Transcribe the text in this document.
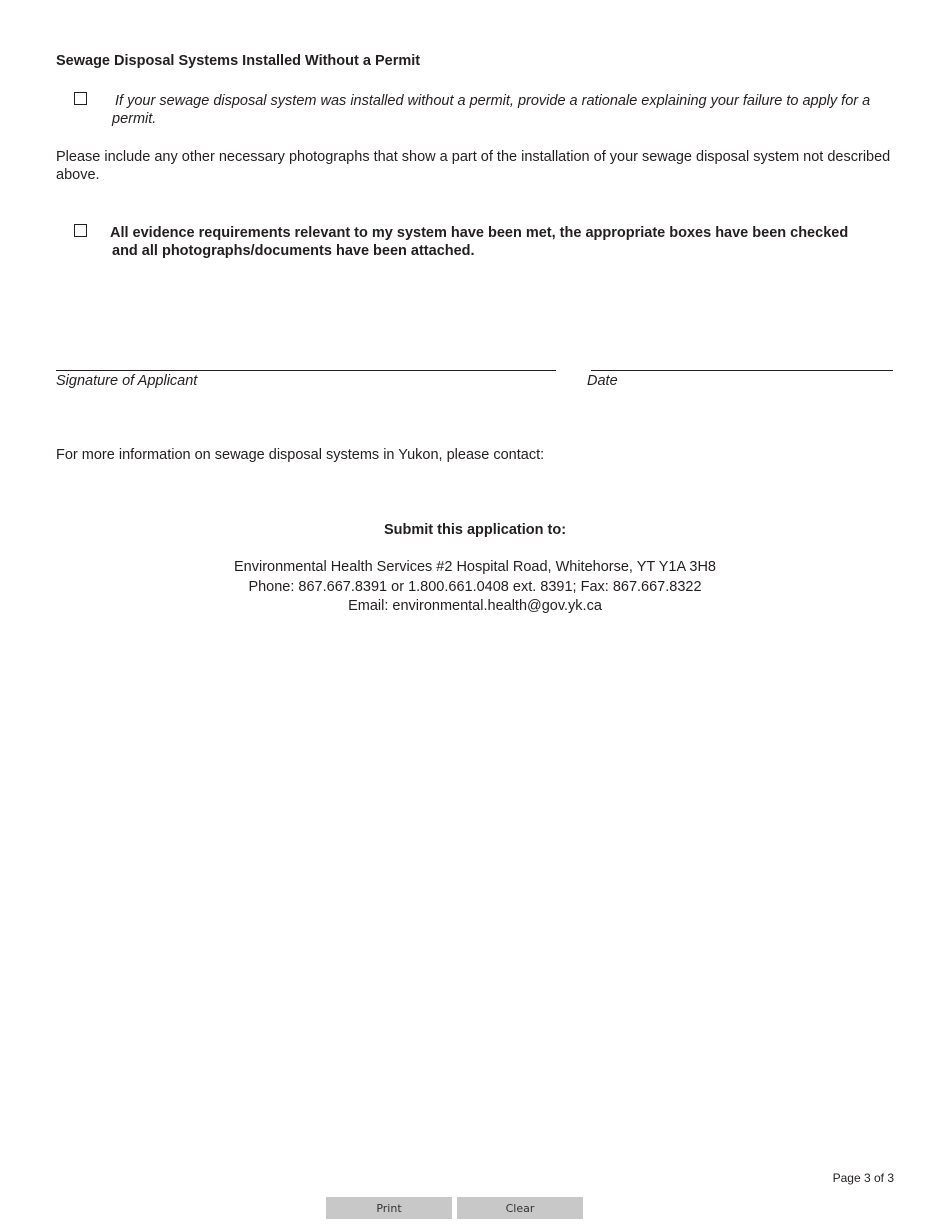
Sewage Disposal Systems Installed Without a Permit
If your sewage disposal system was installed without a permit, provide a rationale explaining your failure to apply for a permit.
Please include any other necessary photographs that show a part of the installation of your sewage disposal system not described above.
All evidence requirements relevant to my system have been met, the appropriate boxes have been checked and all photographs/documents have been attached.
Signature of Applicant	Date
For more information on sewage disposal systems in Yukon, please contact:
Submit this application to:
Environmental Health Services #2 Hospital Road, Whitehorse, YT Y1A 3H8
Phone: 867.667.8391 or 1.800.661.0408 ext. 8391; Fax: 867.667.8322
Email: environmental.health@gov.yk.ca
Page 3 of 3
Print	Clear
